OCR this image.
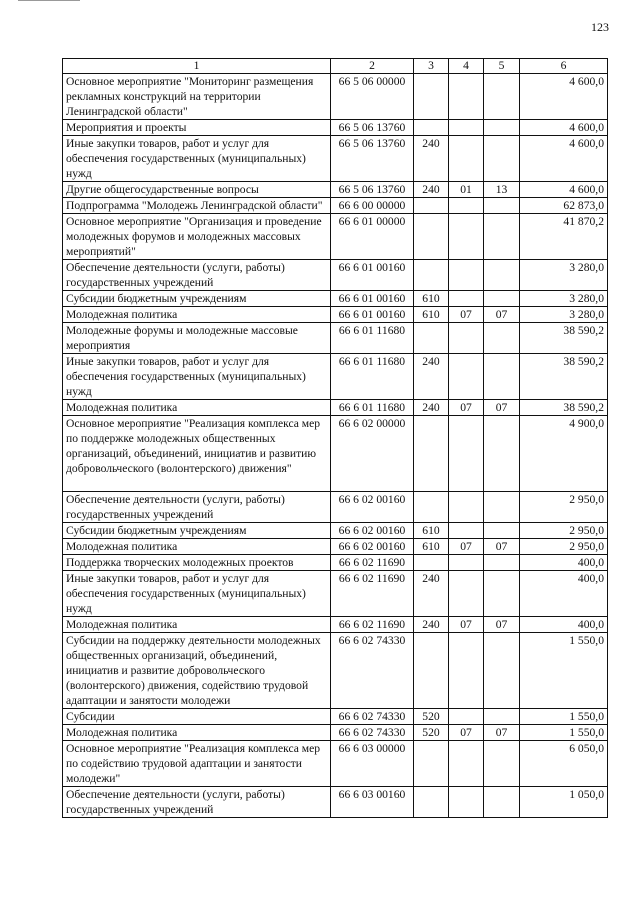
123
1	2	3	4	5	6
Основное мероприятие "Мониторинг размещения рекламных конструкций на территории Ленинградской области"	66 5 06 00000				4 600,0
Мероприятия и проекты	66 5 06 13760				4 600,0
Иные закупки товаров, работ и услуг для обеспечения государственных (муниципальных) нужд	66 5 06 13760	240			4 600,0
Другие общегосударственные вопросы	66 5 06 13760	240	01	13	4 600,0
Подпрограмма "Молодежь Ленинградской области"	66 6 00 00000				62 873,0
Основное мероприятие "Организация и проведение молодежных форумов и молодежных массовых мероприятий"	66 6 01 00000				41 870,2
Обеспечение деятельности (услуги, работы) государственных учреждений	66 6 01 00160				3 280,0
Субсидии бюджетным учреждениям	66 6 01 00160	610			3 280,0
Молодежная политика	66 6 01 00160	610	07	07	3 280,0
Молодежные форумы и молодежные массовые мероприятия	66 6 01 11680				38 590,2
Иные закупки товаров, работ и услуг для обеспечения государственных (муниципальных) нужд	66 6 01 11680	240			38 590,2
Молодежная политика	66 6 01 11680	240	07	07	38 590,2
Основное мероприятие "Реализация комплекса мер по поддержке молодежных общественных организаций, объединений, инициатив и развитию добровольческого (волонтерского) движения"	66 6 02 00000				4 900,0
Обеспечение деятельности (услуги, работы) государственных учреждений	66 6 02 00160				2 950,0
Субсидии бюджетным учреждениям	66 6 02 00160	610			2 950,0
Молодежная политика	66 6 02 00160	610	07	07	2 950,0
Поддержка творческих молодежных проектов	66 6 02 11690				400,0
Иные закупки товаров, работ и услуг для обеспечения государственных (муниципальных) нужд	66 6 02 11690	240			400,0
Молодежная политика	66 6 02 11690	240	07	07	400,0
Субсидии на поддержку деятельности молодежных общественных организаций, объединений, инициатив и развитие добровольческого (волонтерского) движения, содействию трудовой адаптации и занятости молодежи	66 6 02 74330				1 550,0
Субсидии	66 6 02 74330	520			1 550,0
Молодежная политика	66 6 02 74330	520	07	07	1 550,0
Основное мероприятие "Реализация комплекса мер по содействию трудовой адаптации и занятости молодежи"	66 6 03 00000				6 050,0
Обеспечение деятельности (услуги, работы) государственных учреждений	66 6 03 00160				1 050,0
